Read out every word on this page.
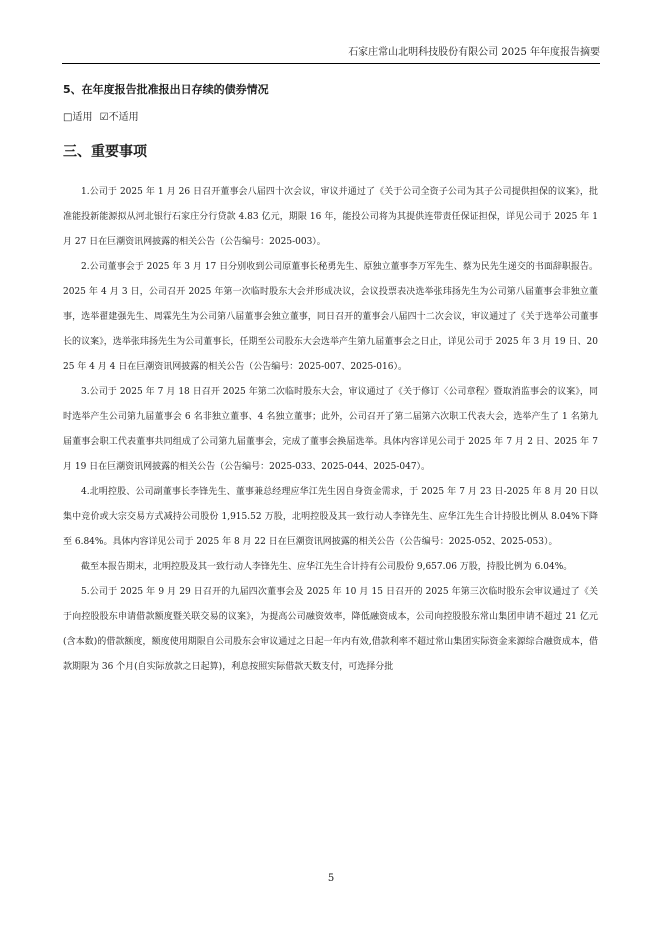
石家庄常山北明科技股份有限公司 2025 年年度报告摘要
5、在年度报告批准报出日存续的债券情况
□适用 ☑不适用
三、重要事项

1.公司于 2025 年 1 月 26 日召开董事会八届四十次会议，审议并通过了《关于公司全资子公司为其子公司提供担保的议案》，批准能投新能源拟从河北银行石家庄分行贷款 4.83 亿元，期限 16 年，能投公司将为其提供连带责任保证担保，详见公司于 2025 年 1 月 27 日在巨潮资讯网披露的相关公告（公告编号：2025-003）。

2.公司董事会于 2025 年 3 月 17 日分别收到公司原董事长秘勇先生、原独立董事李万军先生、蔡为民先生递交的书面辞职报告。2025 年 4 月 3 日，公司召开 2025 年第一次临时股东大会并形成决议，会议投票表决选举张玮扬先生为公司第八届董事会非独立董事，选举翟建强先生、周霖先生为公司第八届董事会独立董事，同日召开的董事会八届四十二次会议，审议通过了《关于选举公司董事长的议案》，选举张玮扬先生为公司董事长，任期至公司股东大会选举产生第九届董事会之日止，详见公司于 2025 年 3 月 19 日、2025 年 4 月 4 日在巨潮资讯网披露的相关公告（公告编号：2025-007、2025-016）。

3.公司于 2025 年 7 月 18 日召开 2025 年第二次临时股东大会，审议通过了《关于修订〈公司章程〉暨取消监事会的议案》，同时选举产生公司第九届董事会 6 名非独立董事、4 名独立董事；此外，公司召开了第二届第六次职工代表大会，选举产生了 1 名第九届董事会职工代表董事共同组成了公司第九届董事会，完成了董事会换届选举。具体内容详见公司于 2025 年 7 月 2 日、2025 年 7 月 19 日在巨潮资讯网披露的相关公告（公告编号：2025-033、2025-044、2025-047）。

4.北明控股、公司副董事长李锋先生、董事兼总经理应华江先生因自身资金需求，于 2025 年 7 月 23 日-2025 年 8 月 20 日以集中竞价或大宗交易方式减持公司股份 1,915.52 万股，北明控股及其一致行动人李锋先生、应华江先生合计持股比例从 8.04%下降至 6.84%。具体内容详见公司于 2025 年 8 月 22 日在巨潮资讯网披露的相关公告（公告编号：2025-052、2025-053）。

截至本报告期末，北明控股及其一致行动人李锋先生、应华江先生合计持有公司股份 9,657.06 万股，持股比例为 6.04%。

5.公司于 2025 年 9 月 29 日召开的九届四次董事会及 2025 年 10 月 15 日召开的 2025 年第三次临时股东会审议通过了《关于向控股股东申请借款额度暨关联交易的议案》，为提高公司融资效率，降低融资成本，公司向控股股东常山集团申请不超过 21 亿元(含本数)的借款额度，额度使用期限自公司股东会审议通过之日起一年内有效,借款利率不超过常山集团实际资金来源综合融资成本，借款期限为 36 个月(自实际放款之日起算)，利息按照实际借款天数支付，可选择分批

5
